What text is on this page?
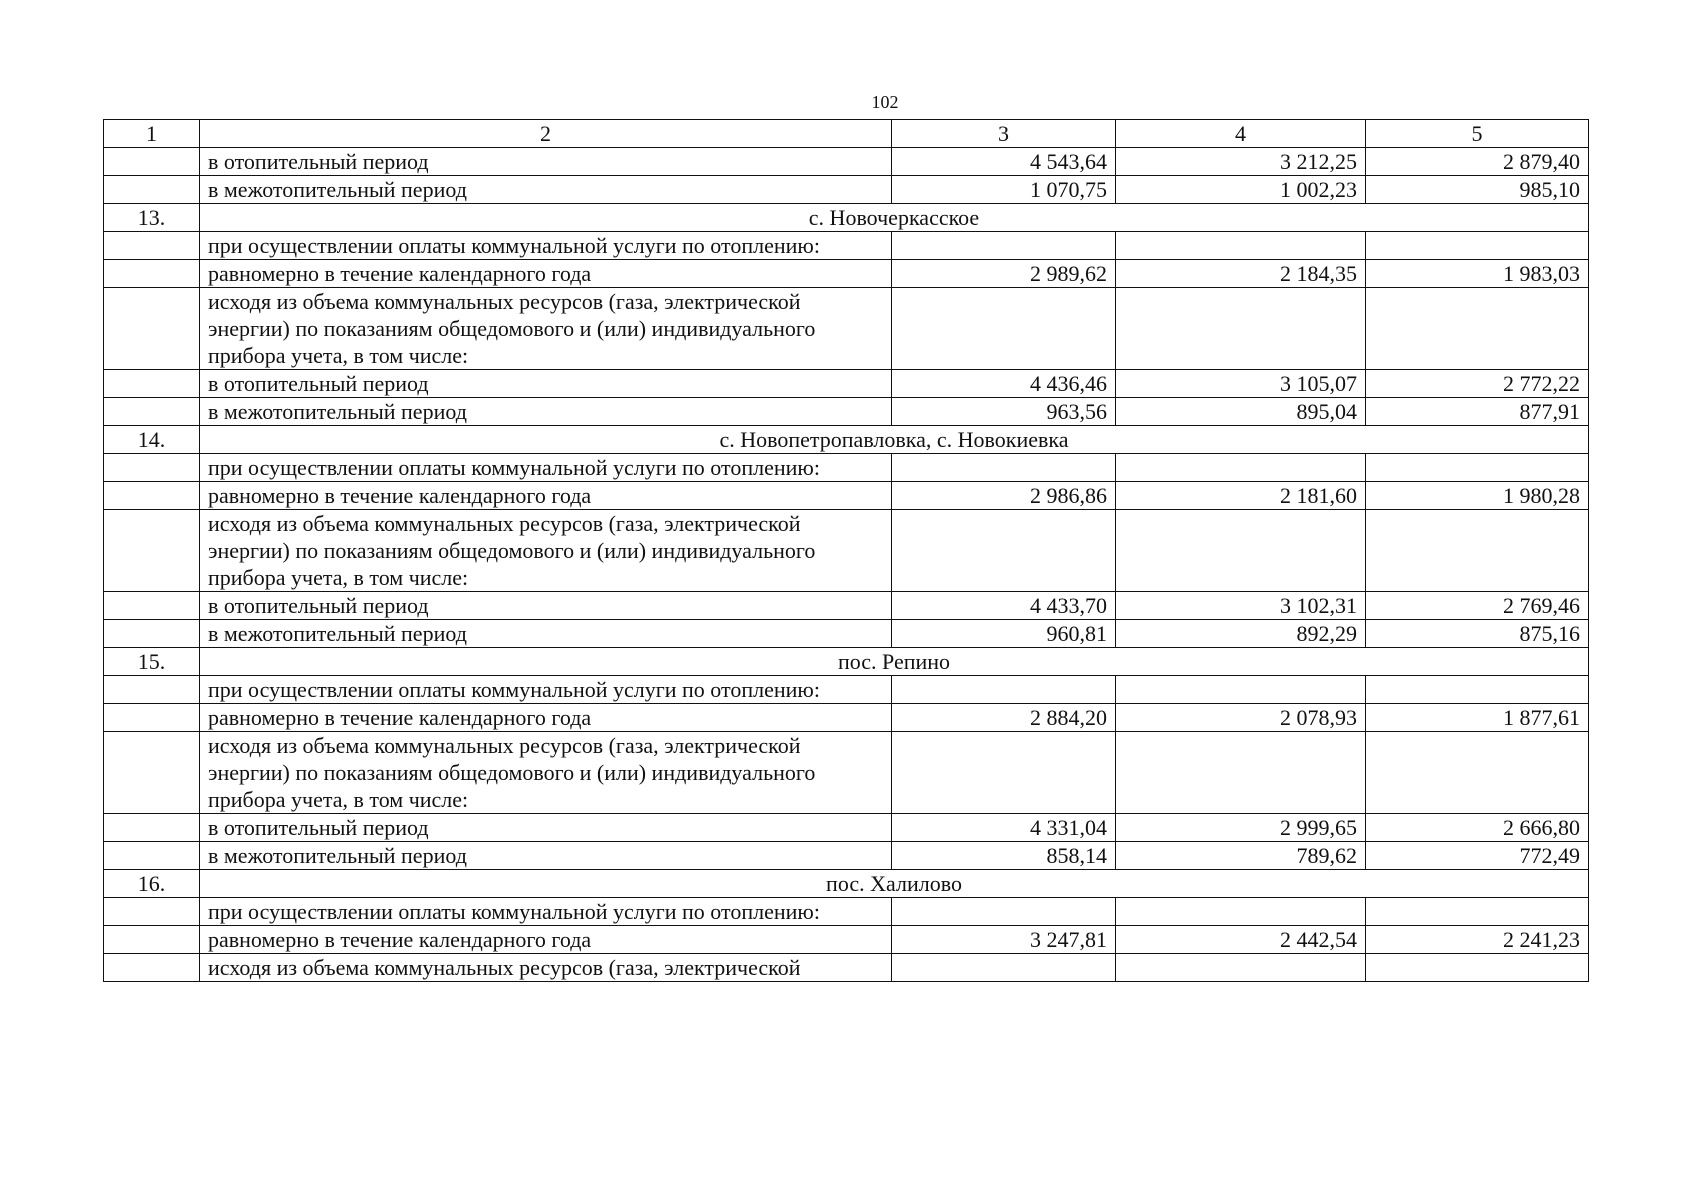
102
1	2	3	4	5
	в отопительный период	4 543,64	3 212,25	2 879,40
	в межотопительный период	1 070,75	1 002,23	985,10
13.	с. Новочеркасское			
	при осуществлении оплаты коммунальной услуги по отоплению:			
	равномерно в течение календарного года	2 989,62	2 184,35	1 983,03
	исходя из объема коммунальных ресурсов (газа, электрической энергии) по показаниям общедомового и (или) индивидуального прибора учета, в том числе:			
	в отопительный период	4 436,46	3 105,07	2 772,22
	в межотопительный период	963,56	895,04	877,91
14.	с. Новопетропавловка, с. Новокиевка			
	при осуществлении оплаты коммунальной услуги по отоплению:			
	равномерно в течение календарного года	2 986,86	2 181,60	1 980,28
	исходя из объема коммунальных ресурсов (газа, электрической энергии) по показаниям общедомового и (или) индивидуального прибора учета, в том числе:			
	в отопительный период	4 433,70	3 102,31	2 769,46
	в межотопительный период	960,81	892,29	875,16
15.	пос. Репино			
	при осуществлении оплаты коммунальной услуги по отоплению:			
	равномерно в течение календарного года	2 884,20	2 078,93	1 877,61
	исходя из объема коммунальных ресурсов (газа, электрической энергии) по показаниям общедомового и (или) индивидуального прибора учета, в том числе:			
	в отопительный период	4 331,04	2 999,65	2 666,80
	в межотопительный период	858,14	789,62	772,49
16.	пос. Халилово			
	при осуществлении оплаты коммунальной услуги по отоплению:			
	равномерно в течение календарного года	3 247,81	2 442,54	2 241,23
	исходя из объема коммунальных ресурсов (газа, электрической			
